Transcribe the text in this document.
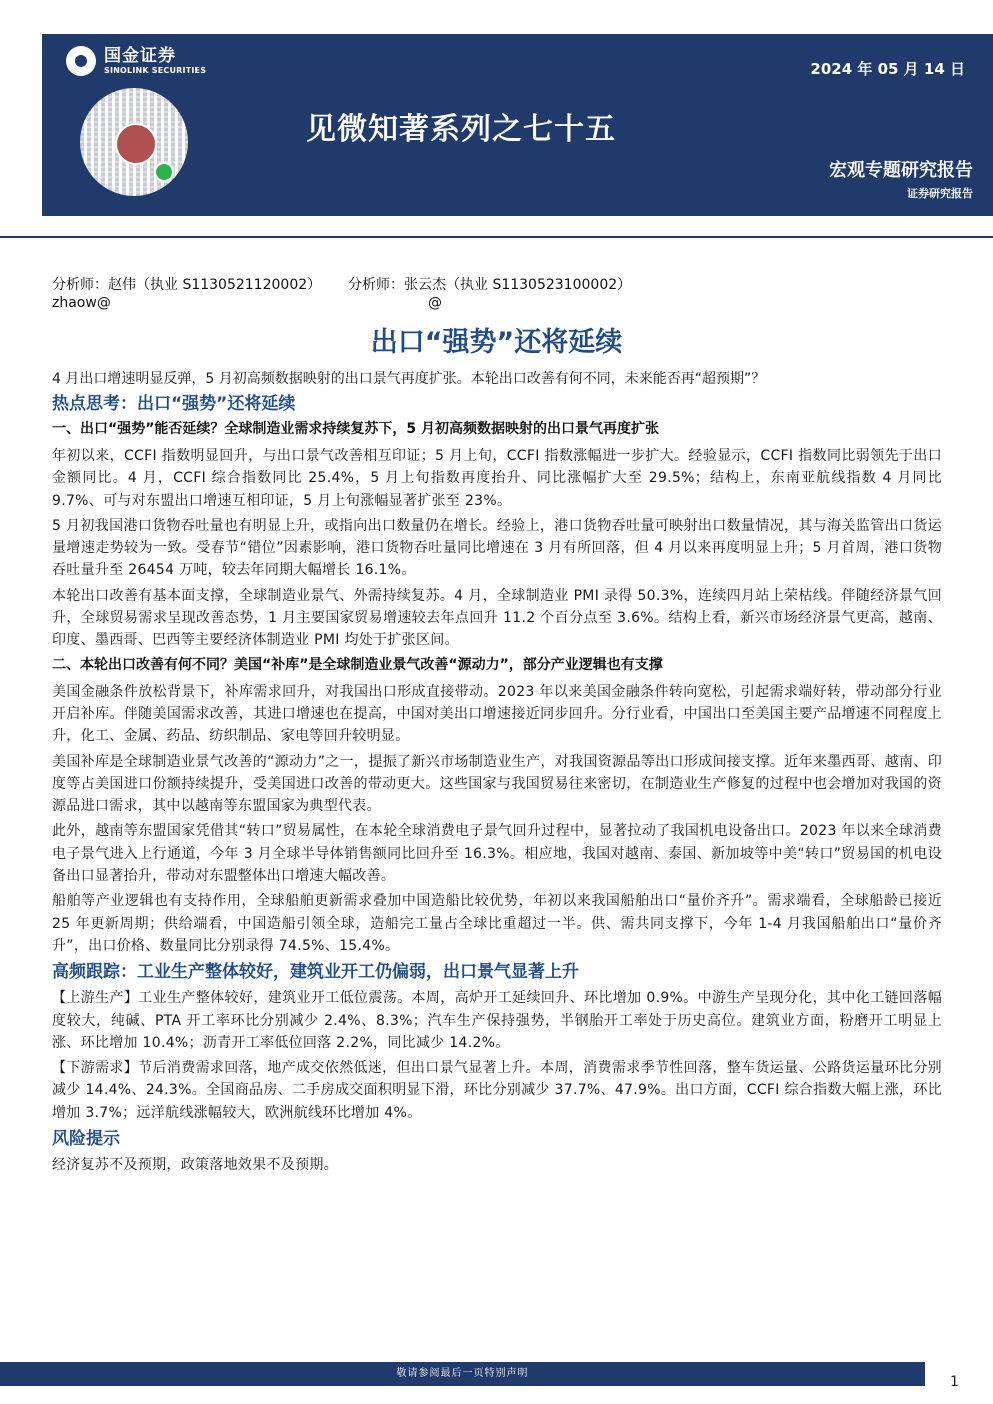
国金证券
SINOLINK SECURITIES	2024 年 05 月 14 日
见微知著系列之七十五
宏观专题研究报告
证券研究报告
分析师：赵伟（执业 S1130521120002）	分析师：张云杰（执业 S1130523100002）
zhaow@	@
出口“强势”还将延续

4 月出口增速明显反弹，5 月初高频数据映射的出口景气再度扩张。本轮出口改善有何不同，未来能否再“超预期”？

热点思考：出口“强势”还将延续
一、出口“强势”能否延续？全球制造业需求持续复苏下，5 月初高频数据映射的出口景气再度扩张

年初以来，CCFI 指数明显回升，与出口景气改善相互印证；5 月上旬，CCFI 指数涨幅进一步扩大。经验显示，CCFI 指数同比弱领先于出口金额同比。4 月，CCFI 综合指数同比 25.4%，5 月上旬指数再度抬升、同比涨幅扩大至 29.5%；结构上，东南亚航线指数 4 月同比 9.7%、可与对东盟出口增速互相印证，5 月上旬涨幅显著扩张至 23%。

5 月初我国港口货物吞吐量也有明显上升，或指向出口数量仍在增长。经验上，港口货物吞吐量可映射出口数量情况，其与海关监管出口货运量增速走势较为一致。受春节“错位”因素影响，港口货物吞吐量同比增速在 3 月有所回落，但 4 月以来再度明显上升；5 月首周，港口货物吞吐量升至 26454 万吨，较去年同期大幅增长 16.1%。

本轮出口改善有基本面支撑，全球制造业景气、外需持续复苏。4 月，全球制造业 PMI 录得 50.3%，连续四月站上荣枯线。伴随经济景气回升，全球贸易需求呈现改善态势，1 月主要国家贸易增速较去年点回升 11.2 个百分点至 3.6%。结构上看，新兴市场经济景气更高，越南、印度、墨西哥、巴西等主要经济体制造业 PMI 均处于扩张区间。

二、本轮出口改善有何不同？美国“补库”是全球制造业景气改善“源动力”，部分产业逻辑也有支撑

美国金融条件放松背景下，补库需求回升，对我国出口形成直接带动。2023 年以来美国金融条件转向宽松，引起需求端好转，带动部分行业开启补库。伴随美国需求改善，其进口增速也在提高，中国对美出口增速接近同步回升。分行业看，中国出口至美国主要产品增速不同程度上升，化工、金属、药品、纺织制品、家电等回升较明显。

美国补库是全球制造业景气改善的“源动力”之一，提振了新兴市场制造业生产，对我国资源品等出口形成间接支撑。近年来墨西哥、越南、印度等占美国进口份额持续提升，受美国进口改善的带动更大。这些国家与我国贸易往来密切，在制造业生产修复的过程中也会增加对我国的资源品进口需求，其中以越南等东盟国家为典型代表。

此外，越南等东盟国家凭借其“转口”贸易属性，在本轮全球消费电子景气回升过程中，显著拉动了我国机电设备出口。2023 年以来全球消费电子景气进入上行通道，今年 3 月全球半导体销售额同比回升至 16.3%。相应地，我国对越南、泰国、新加坡等中美“转口”贸易国的机电设备出口显著抬升，带动对东盟整体出口增速大幅改善。

船舶等产业逻辑也有支持作用，全球船舶更新需求叠加中国造船比较优势，年初以来我国船舶出口“量价齐升”。需求端看，全球船龄已接近 25 年更新周期；供给端看，中国造船引领全球，造船完工量占全球比重超过一半。供、需共同支撑下，今年 1-4 月我国船舶出口“量价齐升”，出口价格、数量同比分别录得 74.5%、15.4%。

高频跟踪：工业生产整体较好，建筑业开工仍偏弱，出口景气显著上升

【上游生产】工业生产整体较好，建筑业开工低位震荡。本周，高炉开工延续回升、环比增加 0.9%。中游生产呈现分化，其中化工链回落幅度较大，纯碱、PTA 开工率环比分别减少 2.4%、8.3%；汽车生产保持强势，半钢胎开工率处于历史高位。建筑业方面，粉磨开工明显上涨、环比增加 10.4%；沥青开工率低位回落 2.2%，同比减少 14.2%。

【下游需求】节后消费需求回落，地产成交依然低迷，但出口景气显著上升。本周，消费需求季节性回落，整车货运量、公路货运量环比分别减少 14.4%、24.3%。全国商品房、二手房成交面积明显下滑，环比分别减少 37.7%、47.9%。出口方面，CCFI 综合指数大幅上涨，环比增加 3.7%；远洋航线涨幅较大，欧洲航线环比增加 4%。

风险提示

经济复苏不及预期，政策落地效果不及预期。

敬请参阅最后一页特别声明
1
